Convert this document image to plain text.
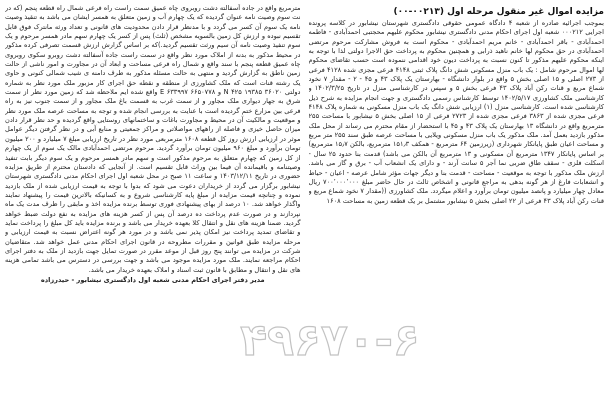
مزایده اموال غیر منقول مرحله اول (۰۰۲۱۳‌‌‌‌-۰۰)

بموجب اجرائیه صادره از شعبه ۴ دادگاه عمومی حقوقی دادگستری شهرستان نیشابور در کلاسه پرونده اجرایی ۰۰۰۲۱۲ شعبه اول اجرای احکام مدنی دادگستری نیشابور محکوم علیهم محجتبی احمدآبادی - فاطمه احمدآبادی - باقر احمدآبادی - خانم مریم احمدآبادی - محکوم است به فروش مشارکت مرحوم مرتضی احمدآبادی در حق محکوم لها خانم ناهید ذرابی و همچنین محکوم به پرداخت حق الاجرا دولتی لذا با توجه به اینکه محکوم علیهم مذکور تا کنون نسبت به پرداخت دیون خود اقدامی ننموده است حسب تقاضای محکوم لها اموال مرحوم شامل : یک باب منزل مسکونی شش دانگ پلاک ثبتی ۴۱۴۸ فرعی مجزی شده ۴۱۲۸ فرعی از ۲۷۳ اصلی و ۱۵ اصلی بخش ۵ واقع در بلوار دانشگاه - بهارستان یک پلاک ۴۳ و ۴۵ - ۲ - مقدار ۷ نخود شماع مربع و قنات رکن آباد پلاک ۴۳ فرعی بخش ۵ و سپس در کارشناسی منزل در تاریخ ۱۴۰۲/۳/۲۵ و کارشناسی ملک کشاورزی ۱۴۰۲/۵/۱۷ توسط کارشناس رسمی دادگستری و جهت انجام مزایده به شرح ذیل کارشناسی شده است. کارشناسی منزل (۱) ارزیابی شش دانگ یک باب منزل مسکونی به شماره پلاک ۴۱۴۸ فرعی مجزی شده از ۳۸۶۳ فرعی مجزی شده از ۲۷۲۳ فرعی از ۱۵ اصلی بخش ۵ نیشابور با مساحت ۲۵۵ مترمربع واقع در دانشگاه ۱۳ بهارستان یک پلاک ۴۳ و ۴۵ با استحضار از مقام محترم می رساند از محل ملک مذکور بازدید بعمل آمد. ملک مذکور یک باب منزل مسکونی ویلایی با مساحت عرصه طبق سند ۲۵۵ متر مربع و مساحت اعیان طبق پایانکار شهرداری (زیرزمین ۶۴ مترمربع - همکف ۱۵۱٫۳ مترمربع، بالکن ۱۵٫۷ مترمربع) بر اساس پایانکار ۱۳۴۷ مترمربع آن مسکونی و ۱۳ مترمربع آن بالکن می باشد) قدمت بنا حدود ۲۵ سال - اسکلت فلزی - سقف طاق ضربی نما آجر ۵ سانت آرند - و دارای یک انشعاب آب - برق و گاز می باشد. ارزش ملک مذکور با توجه به موقعیت - مساحت - قدمت بنا و دیگر جهات مؤثر شامل عرصه - اعیان - حیاط و انشعابات فارغ از هر گونه بدهی به مراجع قانونی و اشخاص ثالث در حال حاضر مبلغ ۷۰۰٬۰۰۰٬۰۰۰ ریال معادل چهار میلیارد و پانصد میلیون تومان برآورد و اعلام میگردد. ملک کشاورزی ((مقدار ۷ نخود شماع مربع و قنات رکن آباد پلاک ۴۳ فرعی از ۲۲ اصلی بخش ۵ نیشابور مشتمل بر یک قطعه زمین به مساحت ۱۶۰۸

مترمربع واقع در جاده آسفالته دشت روبروی چاه عمیق سمت راست راه فرعی شمال راه قطعه پنجم (که در نت سوم وصیت نامه عنوان گردیده که یک چهارم آب و زمین متعلق به همسر ایشان می باشد به تنقیذ وصیت نامه یک سوم آن کسر می گردد و با مدنظر قرار دادن محدودیت های قانونی و تعداد ورثه مانترک فوق قابل تقسیم نبوده و ارزش کل زمین بالسویه مشخص (ثلث) پس از کسر یک چهارم سهم مادر همسر مرحوم و یک سوم تنفیذ وصیت نامه آن سیم ورثت تقسیم گردید.)که بر اساس گزارش ارزش قسمت تصرفی کرده مذکور در محیط مذکور به بدنه از املاک مورد نظر واقع در سمت راست جاده آسفالته دشت روبرو سکوی روبروی چاه عمیق قطعه پنجم با سند واقع و شمال راه فرعی مساحت و ابعاد آن در مجاورت و امور ناشی از حالت زمین ناطق به گزارش گردید و منتهی به حالت مسئله مذکور به طرف دامنه ی شیب شمالی کنونی و حاوی یک رشته قنات است که ملک کشاورزی از منطقه و نقطه حق اجرای کار مزبور ملک مورد نظر به شماره دولتی ۳۶۰۲۰ ۱۹۳۸۵ N ۴۲۵ و ۶۶۵۰۷۷۸ E ۶۳۳۹۹۷ واقع شده ایم ملاحظه شد که زمین مورد نظر از سمت شرق به جهار دیواری ملک مجاور و از سمت غرب به قسمت باغ ملک مجاور و از سمت جنوب نیز به راه فرعی بین مزارع ختم گردیده است با عنایت به بررسی انجام شده و توجه به مساحت عرصه ملک مورد نظر و موقعیت و مالکیت آن در محیط و مجاورت باغات و ساختمانهای روستایی واقع گردیده و حد نظر قرار دادن میزان حاصل خیزی و فاصله از راههای مواصلاتی و مراکز جمعیتی و منابع آبی و در نظر گرفتن دیگر عوامل موثر در ارزیابی ارزش روز کل قطعه ۱۶۰۸ مترمربعی مورد نظر در تاریخ ارزیابی مبلغ ۷ میلیارد و ۲۰۰ میلیون تومان برآورد و مبلغ ۹۶۰ میلیون تومان برآورد گردید. مرحوم مرتضی احمدآبادی مالک یک سوم از یک چهارم از کل زمین که چهارم متعلق به مرحوم مذکور است و سهم مادر همسر مرحوم و یک سوم دیگر بابت تنفیذ وصیتنامه و باقیمانده آن فیما بین وراث قابل تقسیم است. از آنجایی که دادستان محترم از طریق مزایده حضوری در تاریخ ۱۴۰۳/۱۲/۱۱ و ساعت ۱۱ صبح در محل شعبه اول اجرای احکام مدنی دادگستری شهرستان نیشابور برگزار می گردد از خریداران دعوت می شود که بدوا با توجه به قیمت ارزیابی شده از ملک بازدید نموده و چنانچه قیمت مزایده از مبلغ پایه کارشناسی شروع و به کسانیکه بالاترین قیمت را پیشنهاد نمایند واگذار خواهد شد. ۱۰ درصد از بهای پیشنهادی فوری توسط برنده مزایده اخذ و مابقی را ظرف مدت یک ماه نپردازند و در صورت عدم پرداخت ده درصد آن پس از کسر هزینه های مزایده به نفع دولت ضبط خواهد گردید. ضمنا هزینه های نقل و انتقال کلا بعهده خریدار می باشد و برنده مزایده باید کل مبلغ را پرداخت نماید و تقاضای تمدید پرداخت نیز امکان پذیر نمی باشد و در مورد هر گونه اعتراض نسبت به قیمت ارزیابی و مرحله مزایده طبق قوانین و مقررات مطروحه در قانون اجرای احکام مدنی عمل خواهد شد. متقاضیان شرکت در مزایده می توانند پنج روز قبل از موعد مقرر در صورت تمایل جهت بازدید از ملک به دفتر اجرای احکام مراجعه نمایند. ملک مورد مزایده موجود می باشد و جهت بررسی در دسترس می باشد تمامی هزینه های نقل و انتقال و مطابق با قانون ثبت اسناد و املاک بعهده خریدار می باشد.

مدیر دفتر اجرای احکام مدنی شعبه اول دادگستری نیشابور - حیدرزاده
۴۹۶۷۰-۶
